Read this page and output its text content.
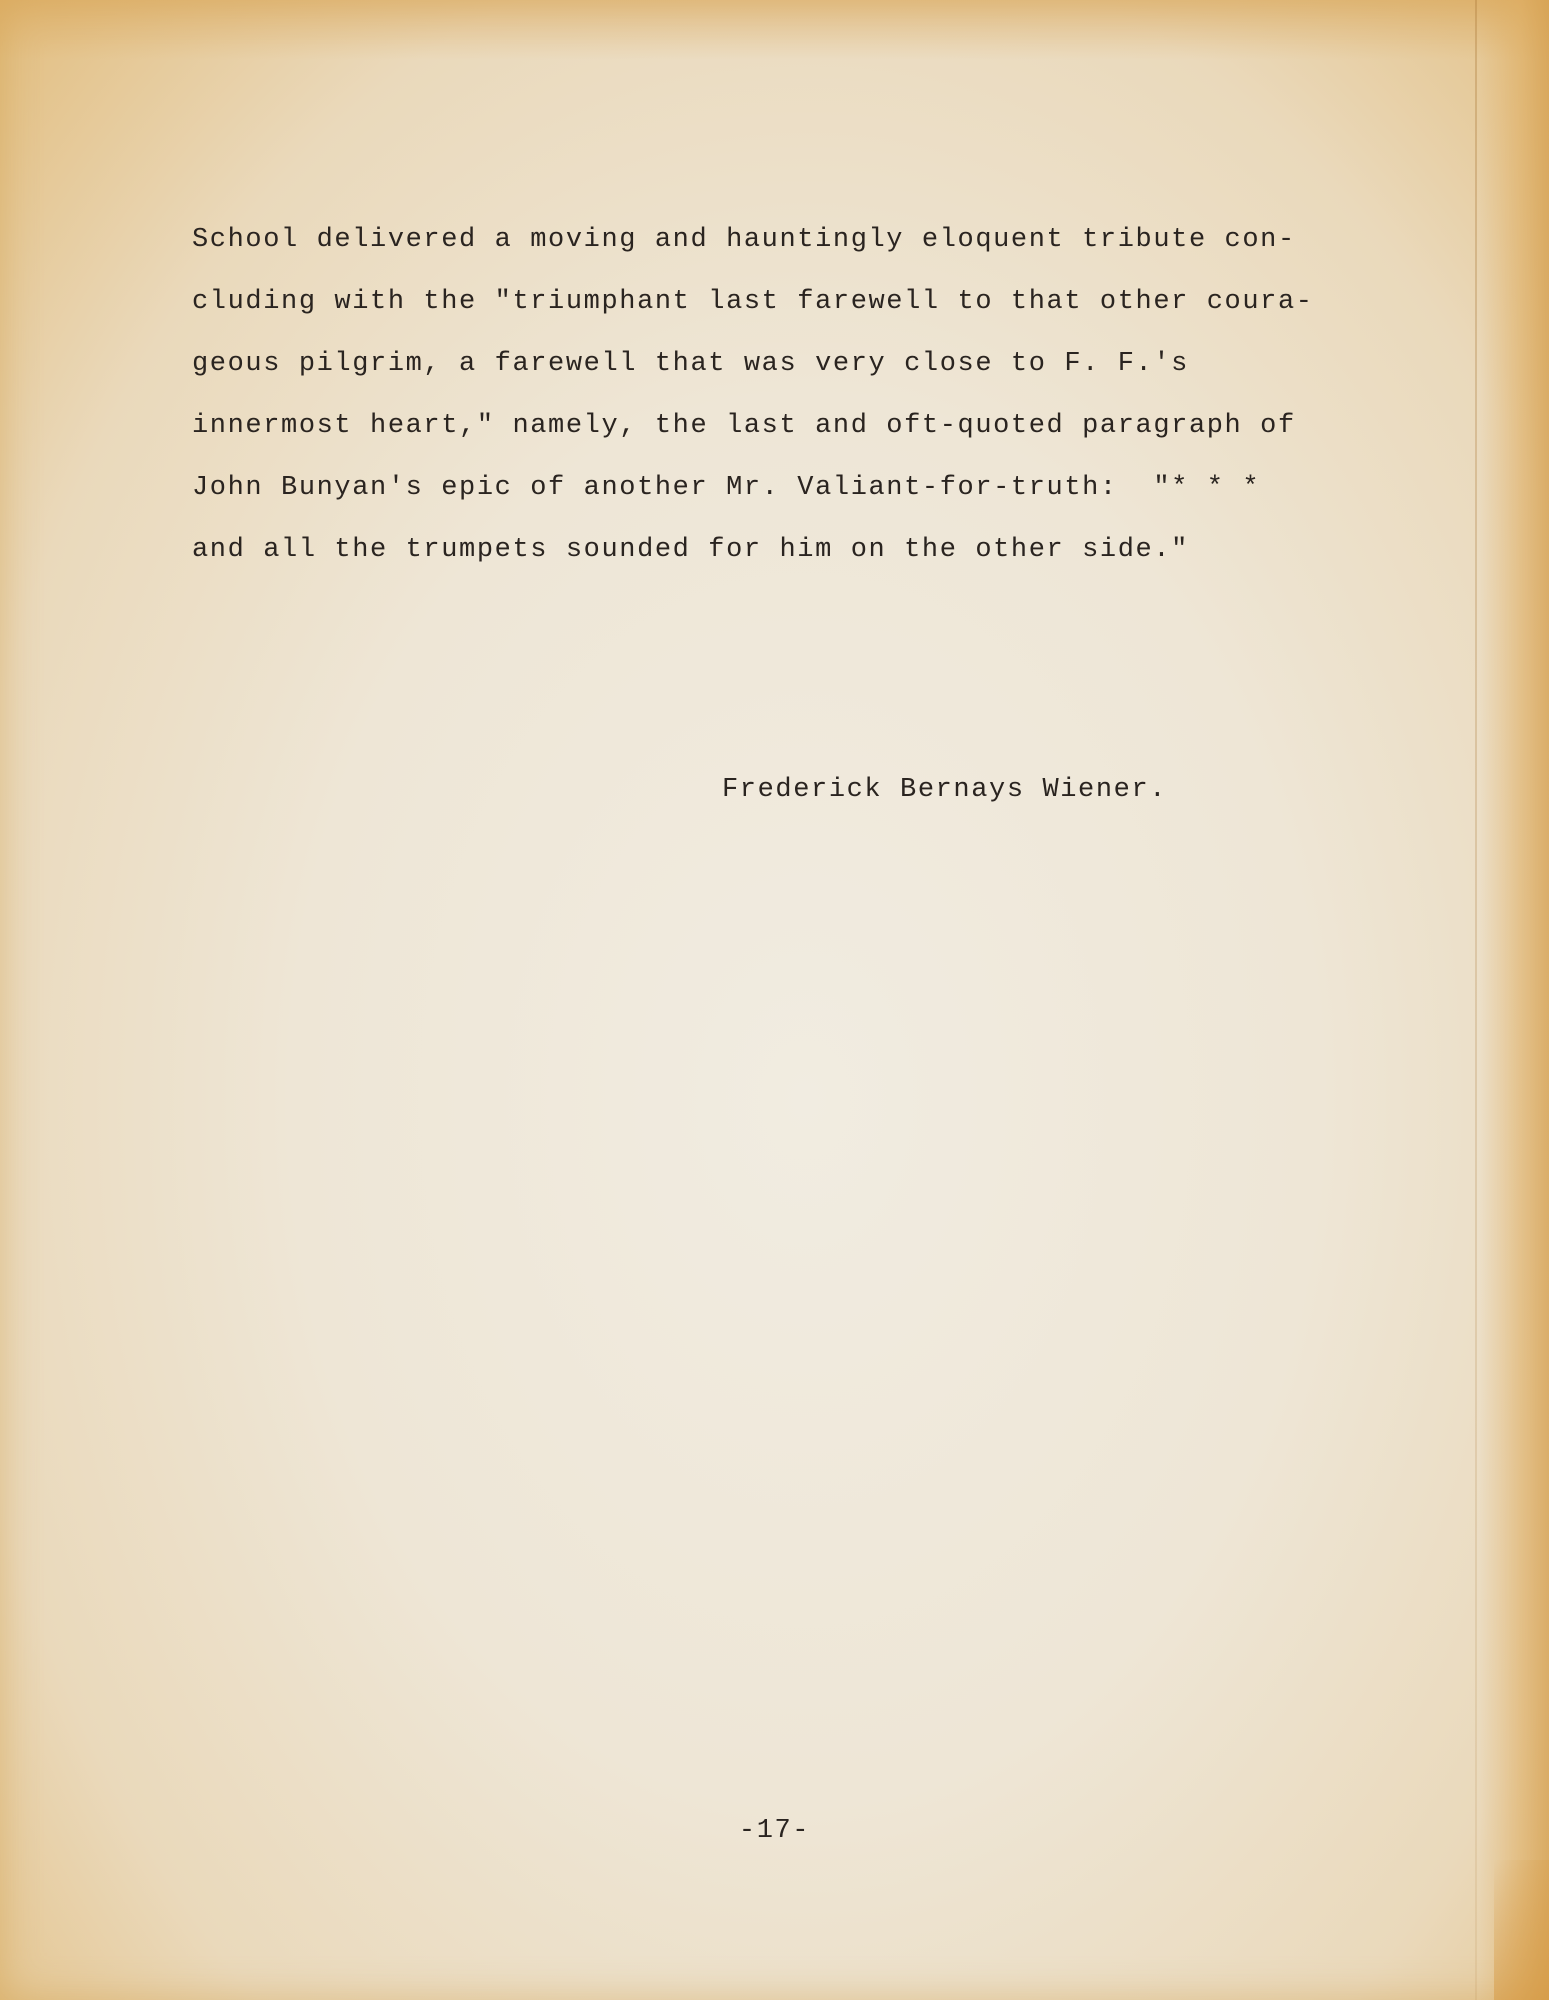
School delivered a moving and hauntingly eloquent tribute con-
cluding with the "triumphant last farewell to that other coura-
geous pilgrim, a farewell that was very close to F. F.'s
innermost heart," namely, the last and oft-quoted paragraph of
John Bunyan's epic of another Mr. Valiant-for-truth:  "* * *
and all the trumpets sounded for him on the other side."
Frederick Bernays Wiener.
-17-
